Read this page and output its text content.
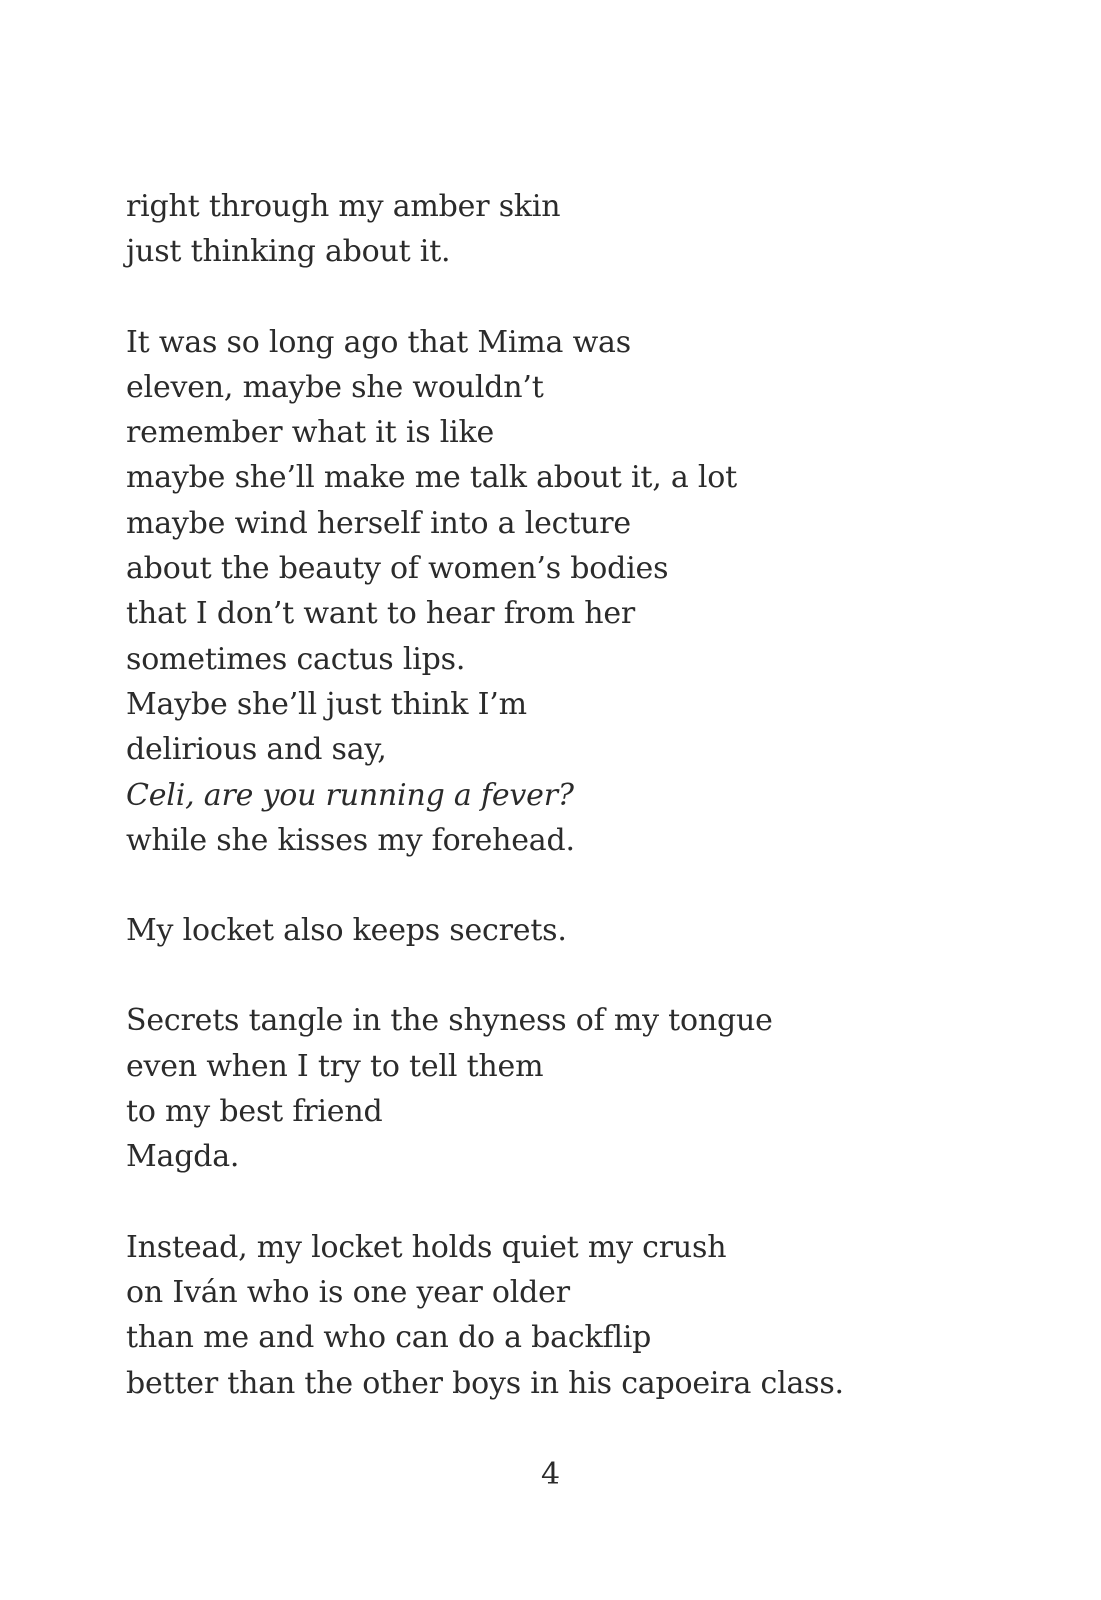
right through my amber skin
just thinking about it.
It was so long ago that Mima was
eleven, maybe she wouldn’t
remember what it is like
maybe she’ll make me talk about it, a lot
maybe wind herself into a lecture
about the beauty of women’s bodies
that I don’t want to hear from her
sometimes cactus lips.
Maybe she’ll just think I’m
delirious and say,
Celi, are you running a fever?
while she kisses my forehead.
My locket also keeps secrets.
Secrets tangle in the shyness of my tongue
even when I try to tell them
to my best friend
Magda.
Instead, my locket holds quiet my crush
on Iván who is one year older
than me and who can do a backflip
better than the other boys in his capoeira class.
4
